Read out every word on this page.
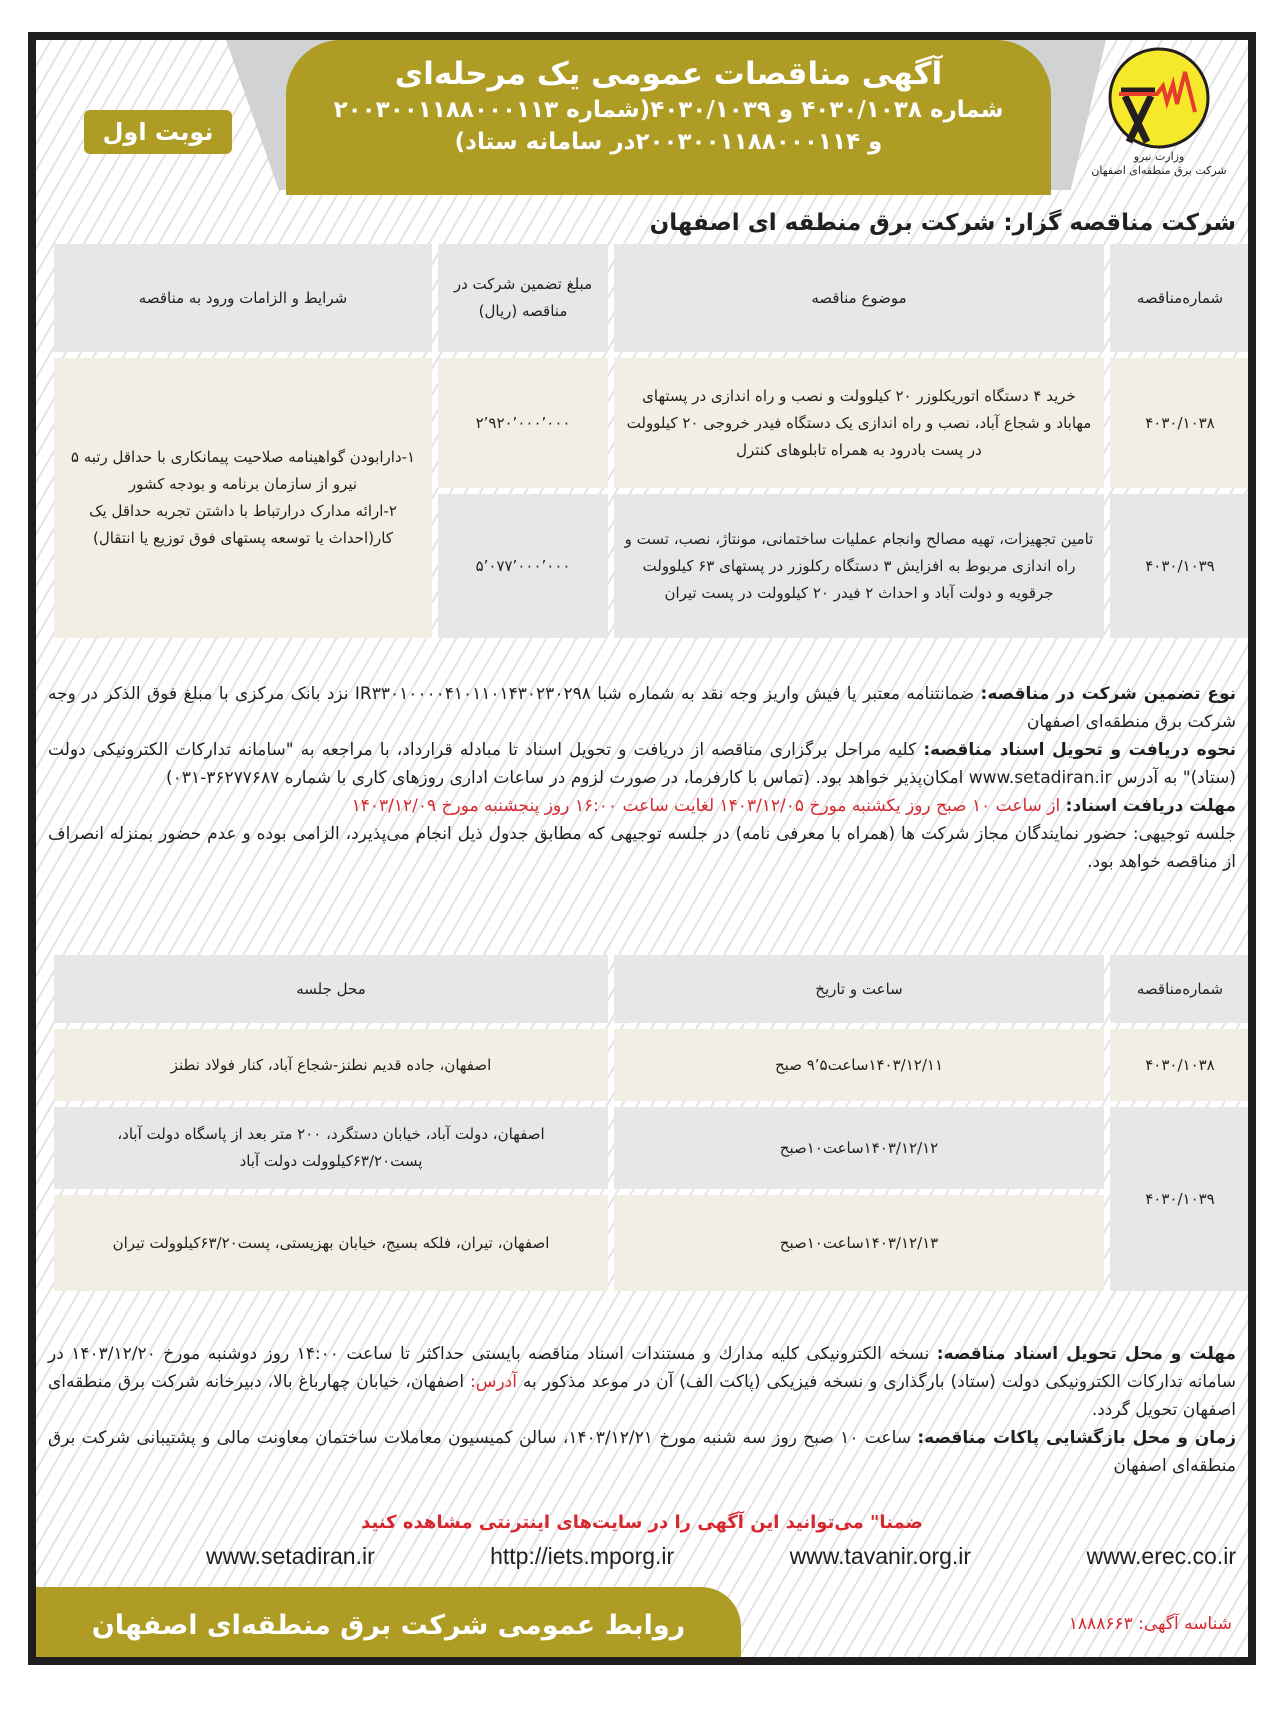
آگهی مناقصات عمومی یک مرحله‌ای
شماره ۴۰۳۰/۱۰۳۸ و ۴۰۳۰/۱۰۳۹(شماره ۲۰۰۳۰۰۱۱۸۸۰۰۰۱۱۳
و ۲۰۰۳۰۰۱۱۸۸۰۰۰۱۱۴در سامانه ستاد)
نوبت اول
وزارت نیرو
شرکت برق منطقه‌ای اصفهان
شرکت مناقصه گزار: شرکت برق منطقه ای اصفهان
شماره‌مناقصه	موضوع مناقصه	مبلغ تضمین شرکت در مناقصه (ریال)	شرایط و الزامات ورود به مناقصه
۴۰۳۰/۱۰۳۸	خرید ۴ دستگاه اتوریکلوزر ۲۰ کیلوولت و نصب و راه اندازی در پستهای مهاباد و شجاع آباد، نصب و راه اندازی یک دستگاه فیدر خروجی ۲۰ کیلوولت در پست بادرود به همراه تابلوهای کنترل	۲٬۹۲۰٬۰۰۰٬۰۰۰	۱-دارابودن گواهینامه صلاحیت پیمانکاری با حداقل رتبه ۵ نیرو از سازمان برنامه و بودجه کشور
۲-ارائه مدارک درارتباط با داشتن تجربه حداقل یک کار(احداث یا توسعه پستهای فوق توزیع یا انتقال)

۴۰۳۰/۱۰۳۹	تامین تجهیزات، تهیه مصالح وانجام عملیات ساختمانی، مونتاژ، نصب، تست و راه اندازی مربوط به افزایش ۳ دستگاه رکلوزر در پستهای ۶۳ کیلوولت جرقویه و دولت آباد و احداث ۲ فیدر ۲۰ کیلوولت در پست تیران	۵٬۰۷۷٬۰۰۰٬۰۰۰	

نوع تضمین شرکت در مناقصه: ضمانتنامه معتبر یا فیش واریز وجه نقد به شماره شبا IR۳۳۰۱۰۰۰۰۴۱۰۱۱۰۱۴۳۰۲۳۰۲۹۸ نزد بانک مرکزی با مبلغ فوق الذکر در وجه شرکت برق منطقه‌ای اصفهان

نحوه دریافت و تحویل اسناد مناقصه: کلیه مراحل برگزاری مناقصه از دریافت و تحویل اسناد تا مبادله قرارداد، با مراجعه به "سامانه تدارکات الکترونیکی دولت (ستاد)" به آدرس www.setadiran.ir امکان‌پذیر خواهد بود. (تماس با کارفرما، در صورت لزوم در ساعات اداری روزهای کاری با شماره ۳۶۲۷۷۶۸۷-۰۳۱)

مهلت دریافت اسناد: از ساعت ۱۰ صبح روز یکشنبه مورخ ۱۴۰۳/۱۲/۰۵ لغایت ساعت ۱۶:۰۰ روز پنجشنبه مورخ ۱۴۰۳/۱۲/۰۹

جلسه توجیهی: حضور نمایندگان مجاز شرکت ها (همراه با معرفی نامه) در جلسه توجیهی که مطابق جدول ذیل انجام می‌پذیرد، الزامی بوده و عدم حضور بمنزله انصراف از مناقصه خواهد بود.

شماره‌مناقصه	ساعت و تاریخ	محل جلسه
۴۰۳۰/۱۰۳۸	۱۴۰۳/۱۲/۱۱ساعت۹٬۵ صبح	اصفهان، جاده قدیم نطنز-شجاع آباد، کنار فولاد نطنز
۴۰۳۰/۱۰۳۹	۱۴۰۳/۱۲/۱۲ساعت۱۰صبح	اصفهان، دولت آباد، خیابان دستگرد، ۲۰۰ متر بعد از پاسگاه دولت آباد، پست۶۳/۲۰کیلوولت دولت آباد
	۱۴۰۳/۱۲/۱۳ساعت۱۰صبح	اصفهان، تیران، فلکه بسیج، خیابان بهزیستی، پست۶۳/۲۰کیلوولت تیران

مهلت و محل تحویل اسناد مناقصه: نسخه الکترونیکی کلیه مدارك و مستندات اسناد مناقصه بایستی حداکثر تا ساعت ۱۴:۰۰ روز دوشنبه مورخ ۱۴۰۳/۱۲/۲۰ در سامانه تدارکات الکترونیکی دولت (ستاد) بارگذاری و نسخه فیزیکی (پاکت الف) آن در موعد مذکور به آدرس: اصفهان، خیابان چهارباغ بالا، دبیرخانه شرکت برق منطقه‌ای اصفهان تحویل گردد.

زمان و محل بازگشایی پاکات مناقصه: ساعت ۱۰ صبح روز سه شنبه مورخ ۱۴۰۳/۱۲/۲۱، سالن کمیسیون معاملات ساختمان معاونت مالی و پشتیبانی شرکت برق منطقه‌ای اصفهان

ضمنا" می‌توانید این آگهی را در سایت‌های اینترنتی مشاهده کنید
www.setadiran.ir	http://iets.mporg.ir	www.tavanir.org.ir	www.erec.co.ir
روابط عمومی شرکت برق منطقه‌ای اصفهان	شناسه آگهی: ۱۸۸۸۶۶۳
